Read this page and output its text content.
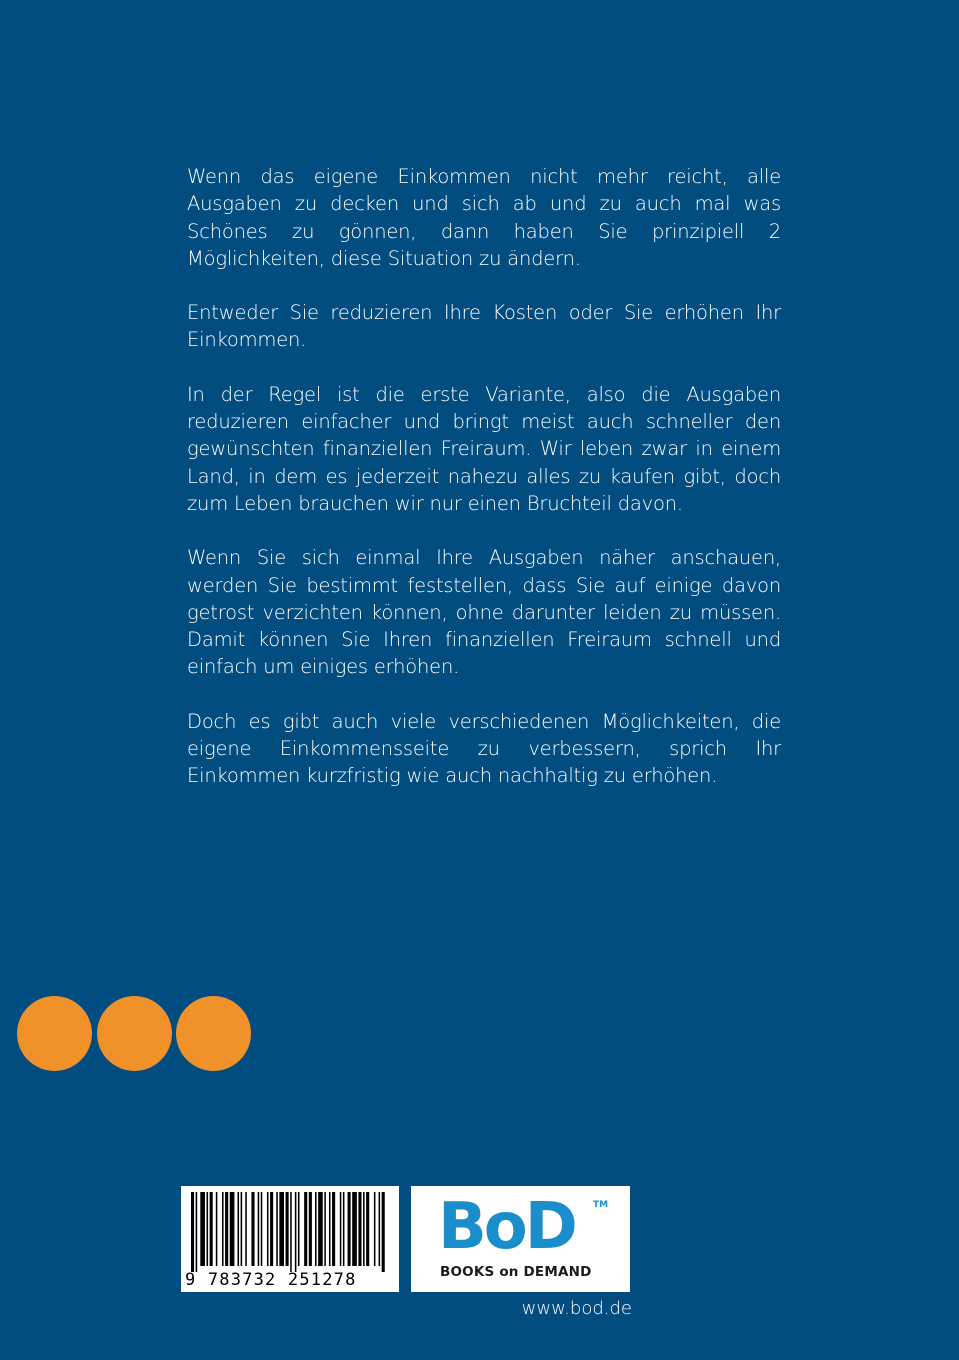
Wenn das eigene Einkommen nicht mehr reicht, alle Ausgaben zu decken und sich ab und zu auch mal was Schönes zu gönnen, dann haben Sie prinzipiell 2 Möglichkeiten, diese Situation zu ändern.

Entweder Sie reduzieren Ihre Kosten oder Sie erhöhen Ihr Einkommen.

In der Regel ist die erste Variante, also die Ausgaben reduzieren einfacher und bringt meist auch schneller den gewünschten finanziellen Freiraum. Wir leben zwar in einem Land, in dem es jederzeit nahezu alles zu kaufen gibt, doch zum Leben brauchen wir nur einen Bruchteil davon.

Wenn Sie sich einmal Ihre Ausgaben näher anschauen, werden Sie bestimmt feststellen, dass Sie auf einige davon getrost verzichten können, ohne darunter leiden zu müssen. Damit können Sie Ihren finanziellen Freiraum schnell und einfach um einiges erhöhen.

Doch es gibt auch viele verschiedenen Möglichkeiten, die eigene Einkommensseite zu verbessern, sprich Ihr Einkommen kurzfristig wie auch nachhaltig zu erhöhen.

9 783732 251278
BoD TM
BOOKS on DEMAND
www.bod.de
